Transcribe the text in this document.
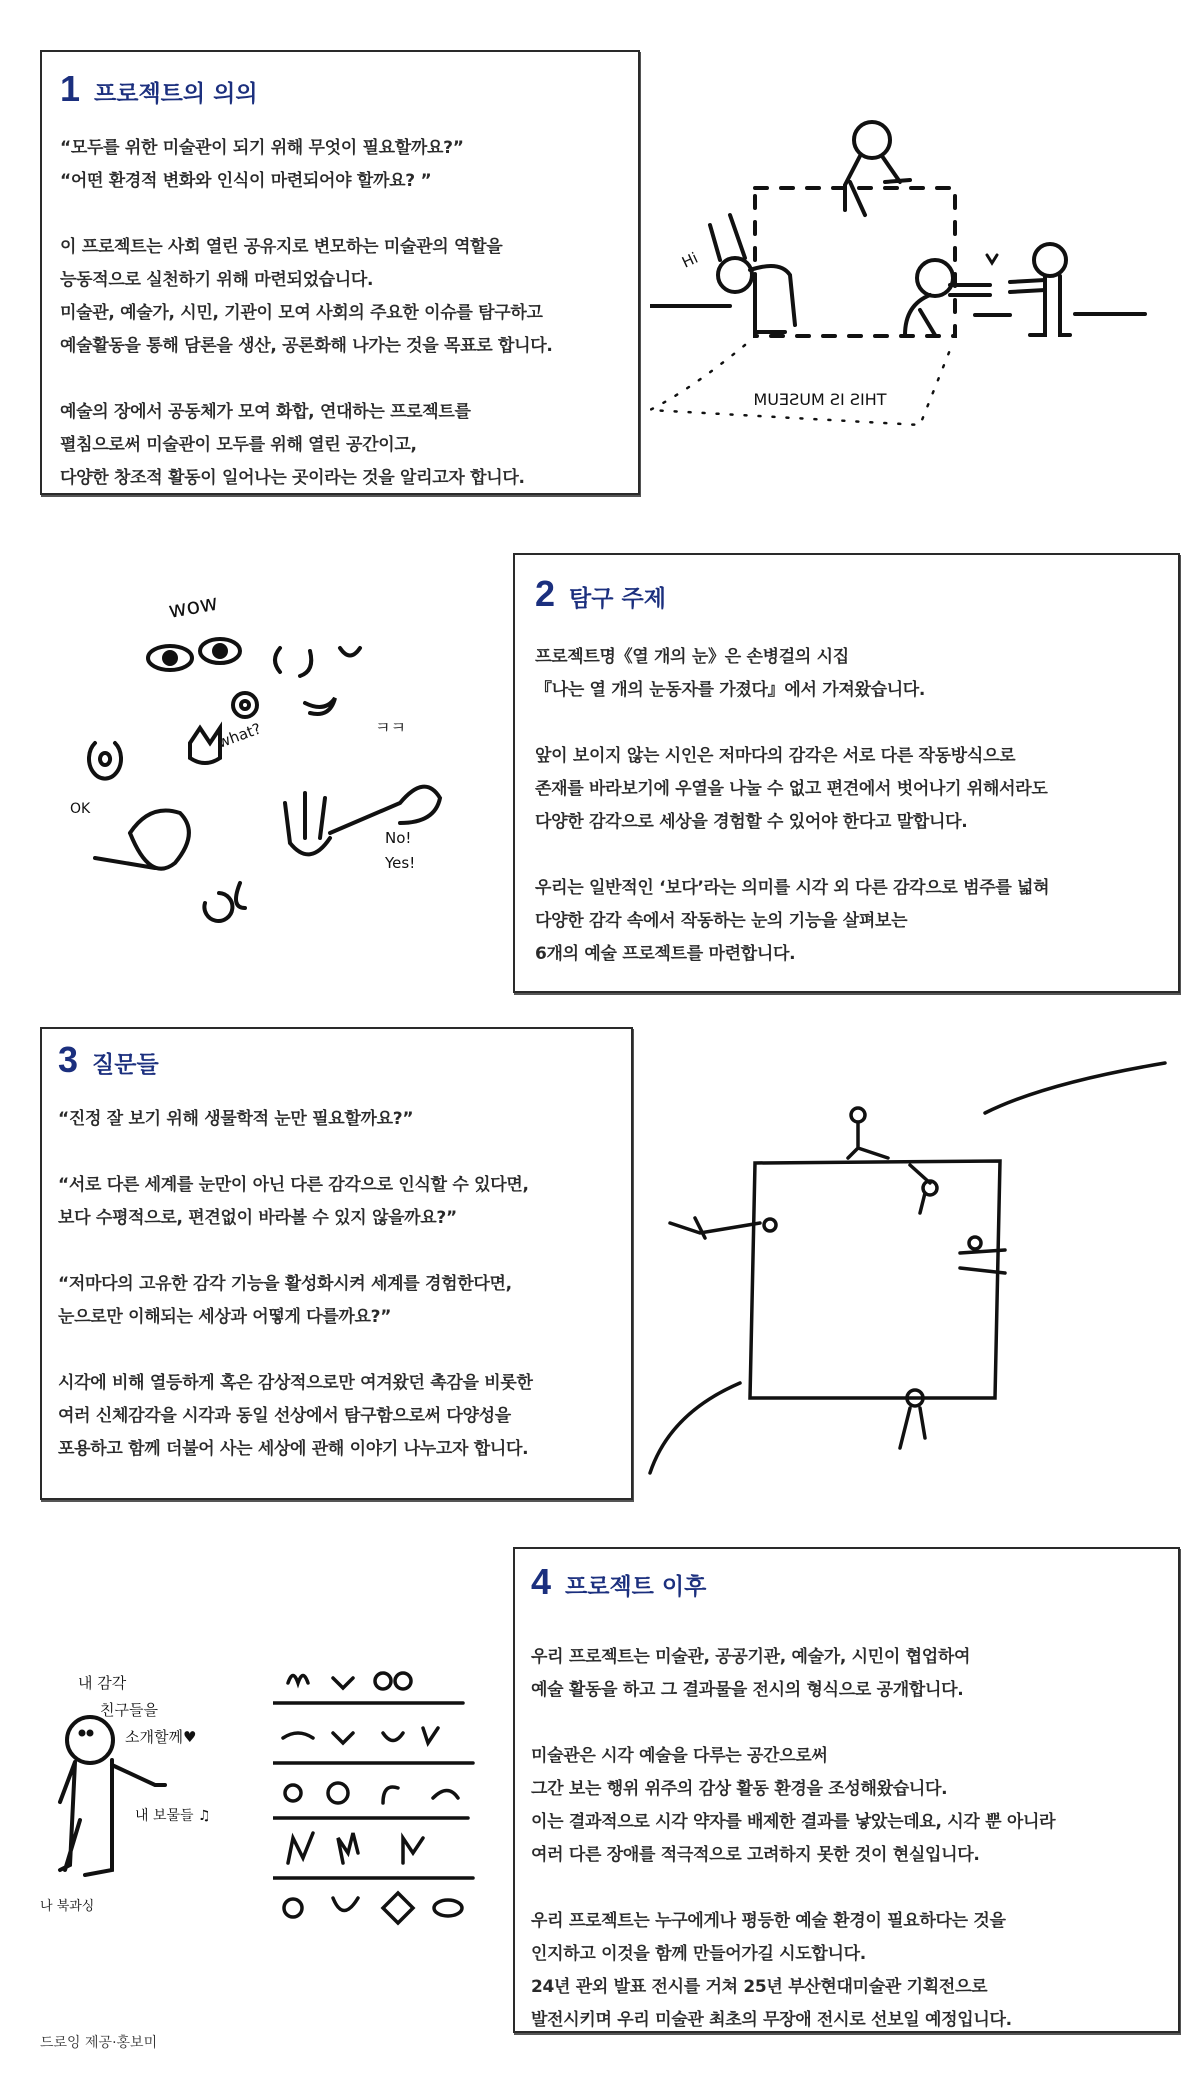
1 프로젝트의 의의

“모두를 위한 미술관이 되기 위해 무엇이 필요할까요?”
“어떤 환경적 변화와 인식이 마련되어야 할까요? ”

이 프로젝트는 사회 열린 공유지로 변모하는 미술관의 역할을
능동적으로 실천하기 위해 마련되었습니다.
미술관, 예술가, 시민, 기관이 모여 사회의 주요한 이슈를 탐구하고
예술활동을 통해 담론을 생산, 공론화해 나가는 것을 목표로 합니다.

예술의 장에서 공동체가 모여 화합, 연대하는 프로젝트를
펼침으로써 미술관이 모두를 위해 열린 공간이고,
다양한 창조적 활동이 일어나는 곳이라는 것을 알리고자 합니다.

Hi
THIS IS MUSEUM
wow
what?	ㅋㅋ
OK
No!
Yes!
2 탐구 주제

프로젝트명《열 개의 눈》은 손병걸의 시집
『나는 열 개의 눈동자를 가졌다』에서 가져왔습니다.

앞이 보이지 않는 시인은 저마다의 감각은 서로 다른 작동방식으로
존재를 바라보기에 우열을 나눌 수 없고 편견에서 벗어나기 위해서라도
다양한 감각으로 세상을 경험할 수 있어야 한다고 말합니다.

우리는 일반적인 ‘보다’라는 의미를 시각 외 다른 감각으로 범주를 넓혀
다양한 감각 속에서 작동하는 눈의 기능을 살펴보는
6개의 예술 프로젝트를 마련합니다.

3 질문들

“진정 잘 보기 위해 생물학적 눈만 필요할까요?”

“서로 다른 세계를 눈만이 아닌 다른 감각으로 인식할 수 있다면,
보다 수평적으로, 편견없이 바라볼 수 있지 않을까요?”

“저마다의 고유한 감각 기능을 활성화시켜 세계를 경험한다면,
눈으로만 이해되는 세상과 어떻게 다를까요?”

시각에 비해 열등하게 혹은 감상적으로만 여겨왔던 촉감을 비롯한
여러 신체감각을 시각과 동일 선상에서 탐구함으로써 다양성을
포용하고 함께 더불어 사는 세상에 관해 이야기 나누고자 합니다.

내 감각
친구들을
소개할께♥
내 보물들 ♫
나 북과싱
4 프로젝트 이후

우리 프로젝트는 미술관, 공공기관, 예술가, 시민이 협업하여
예술 활동을 하고 그 결과물을 전시의 형식으로 공개합니다.

미술관은 시각 예술을 다루는 공간으로써
그간 보는 행위 위주의 감상 활동 환경을 조성해왔습니다.
이는 결과적으로 시각 약자를 배제한 결과를 낳았는데요, 시각 뿐 아니라
여러 다른 장애를 적극적으로 고려하지 못한 것이 현실입니다.

우리 프로젝트는 누구에게나 평등한 예술 환경이 필요하다는 것을
인지하고 이것을 함께 만들어가길 시도합니다.
24년 관외 발표 전시를 거쳐 25년 부산현대미술관 기획전으로
발전시키며 우리 미술관 최초의 무장애 전시로 선보일 예정입니다.

드로잉 제공·홍보미
